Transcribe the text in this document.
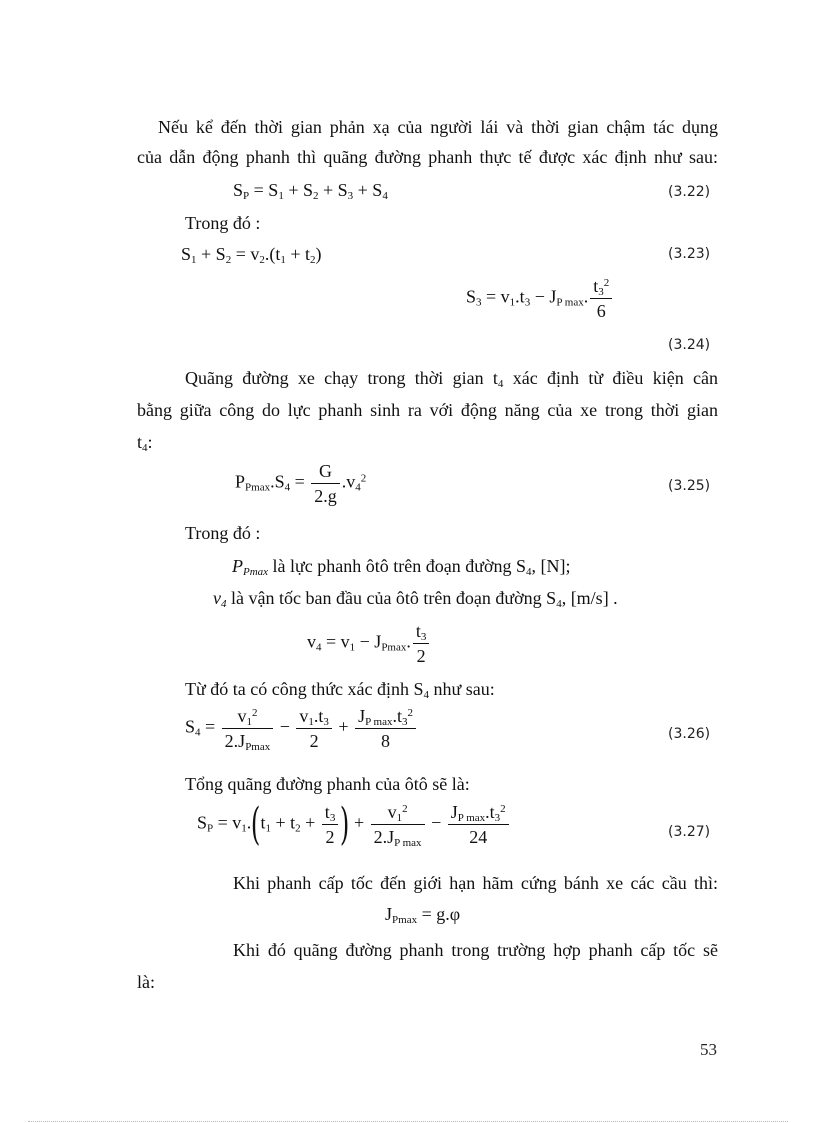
Nếu kể đến thời gian phản xạ của người lái và thời gian chậm tác dụng
của dẫn động phanh thì quãng đường phanh thực tế được xác định như sau:
$S_P = S_1 + S_2 + S_3 + S_4$	(3.22)
Trong đó :
$S_1 + S_2 = v_2.(t_1 + t_2)$	(3.23)
$S_3 = v_1.t_3 - J_{P max}$. $\frac{t_3^2}{6}$
(3.24)
Quãng đường xe chạy trong thời gian $t_4$ xác định từ điều kiện cân
bằng giữa công do lực phanh sinh ra với động năng của xe trong thời gian
$t_4$:
$P_{Pmax}.S_4 = \frac{G}{2.g} .v_4^2$	(3.25)
Trong đó :
$P_{Pmax}$ là lực phanh ôtô trên đoạn đường $S_4$, [N];
$v_4$ là vận tốc ban đầu của ôtô trên đoạn đường $S_4$, [m/s] .
$v_4 = v_1 - J_{Pmax}$. $\frac{t_3}{2}$
Từ đó ta có công thức xác định $S_4$ như sau:
$S_4 = \frac{v_1^2}{2.J_{Pmax}} - \frac{v_1.t_3}{2} + \frac{J_{P max}.t_3^2}{8}$	(3.26)
Tổng quãng đường phanh của ôtô sẽ là:
$S_P = v_1.(t_1 + t_2 + \frac{t_3}{2}$ ) + $\frac{v_1^2}{2.J_{P max}} - \frac{J_{P max}.t_3^2}{24}$	(3.27)
Khi phanh cấp tốc đến giới hạn hãm cứng bánh xe các cầu thì:
$J_{Pmax} = g.\varphi$
Khi đó quãng đường phanh trong trường hợp phanh cấp tốc sẽ
là:
53
